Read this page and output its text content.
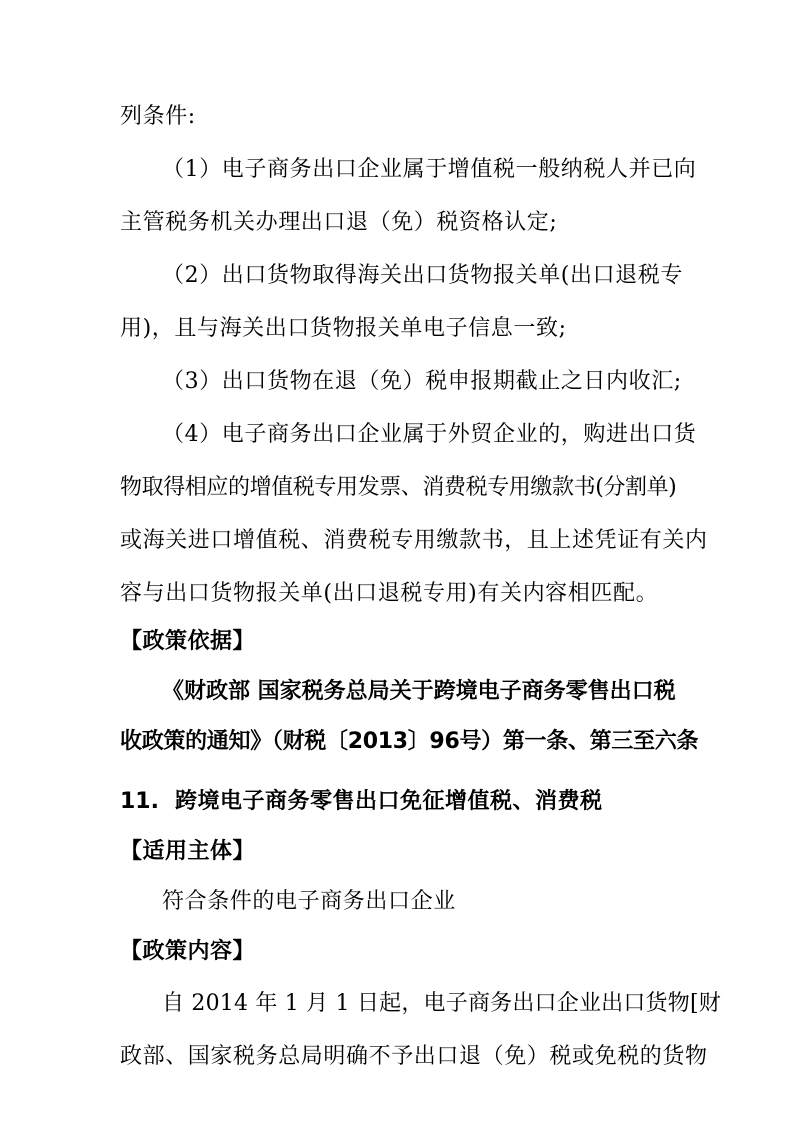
列条件:
（1）电子商务出口企业属于增值税一般纳税人并已向
主管税务机关办理出口退（免）税资格认定;
（2）出口货物取得海关出口货物报关单(出口退税专
用)，且与海关出口货物报关单电子信息一致;
（3）出口货物在退（免）税申报期截止之日内收汇;
（4）电子商务出口企业属于外贸企业的，购进出口货
物取得相应的增值税专用发票、消费税专用缴款书(分割单)
或海关进口增值税、消费税专用缴款书，且上述凭证有关内
容与出口货物报关单(出口退税专用)有关内容相匹配。
【政策依据】
《财政部 国家税务总局关于跨境电子商务零售出口税
收政策的通知》（财税〔2013〕96号）第一条、第三至六条
11. 跨境电子商务零售出口免征增值税、消费税
【适用主体】
符合条件的电子商务出口企业
【政策内容】
自 2014 年 1 月 1 日起，电子商务出口企业出口货物[财
政部、国家税务总局明确不予出口退（免）税或免税的货物
